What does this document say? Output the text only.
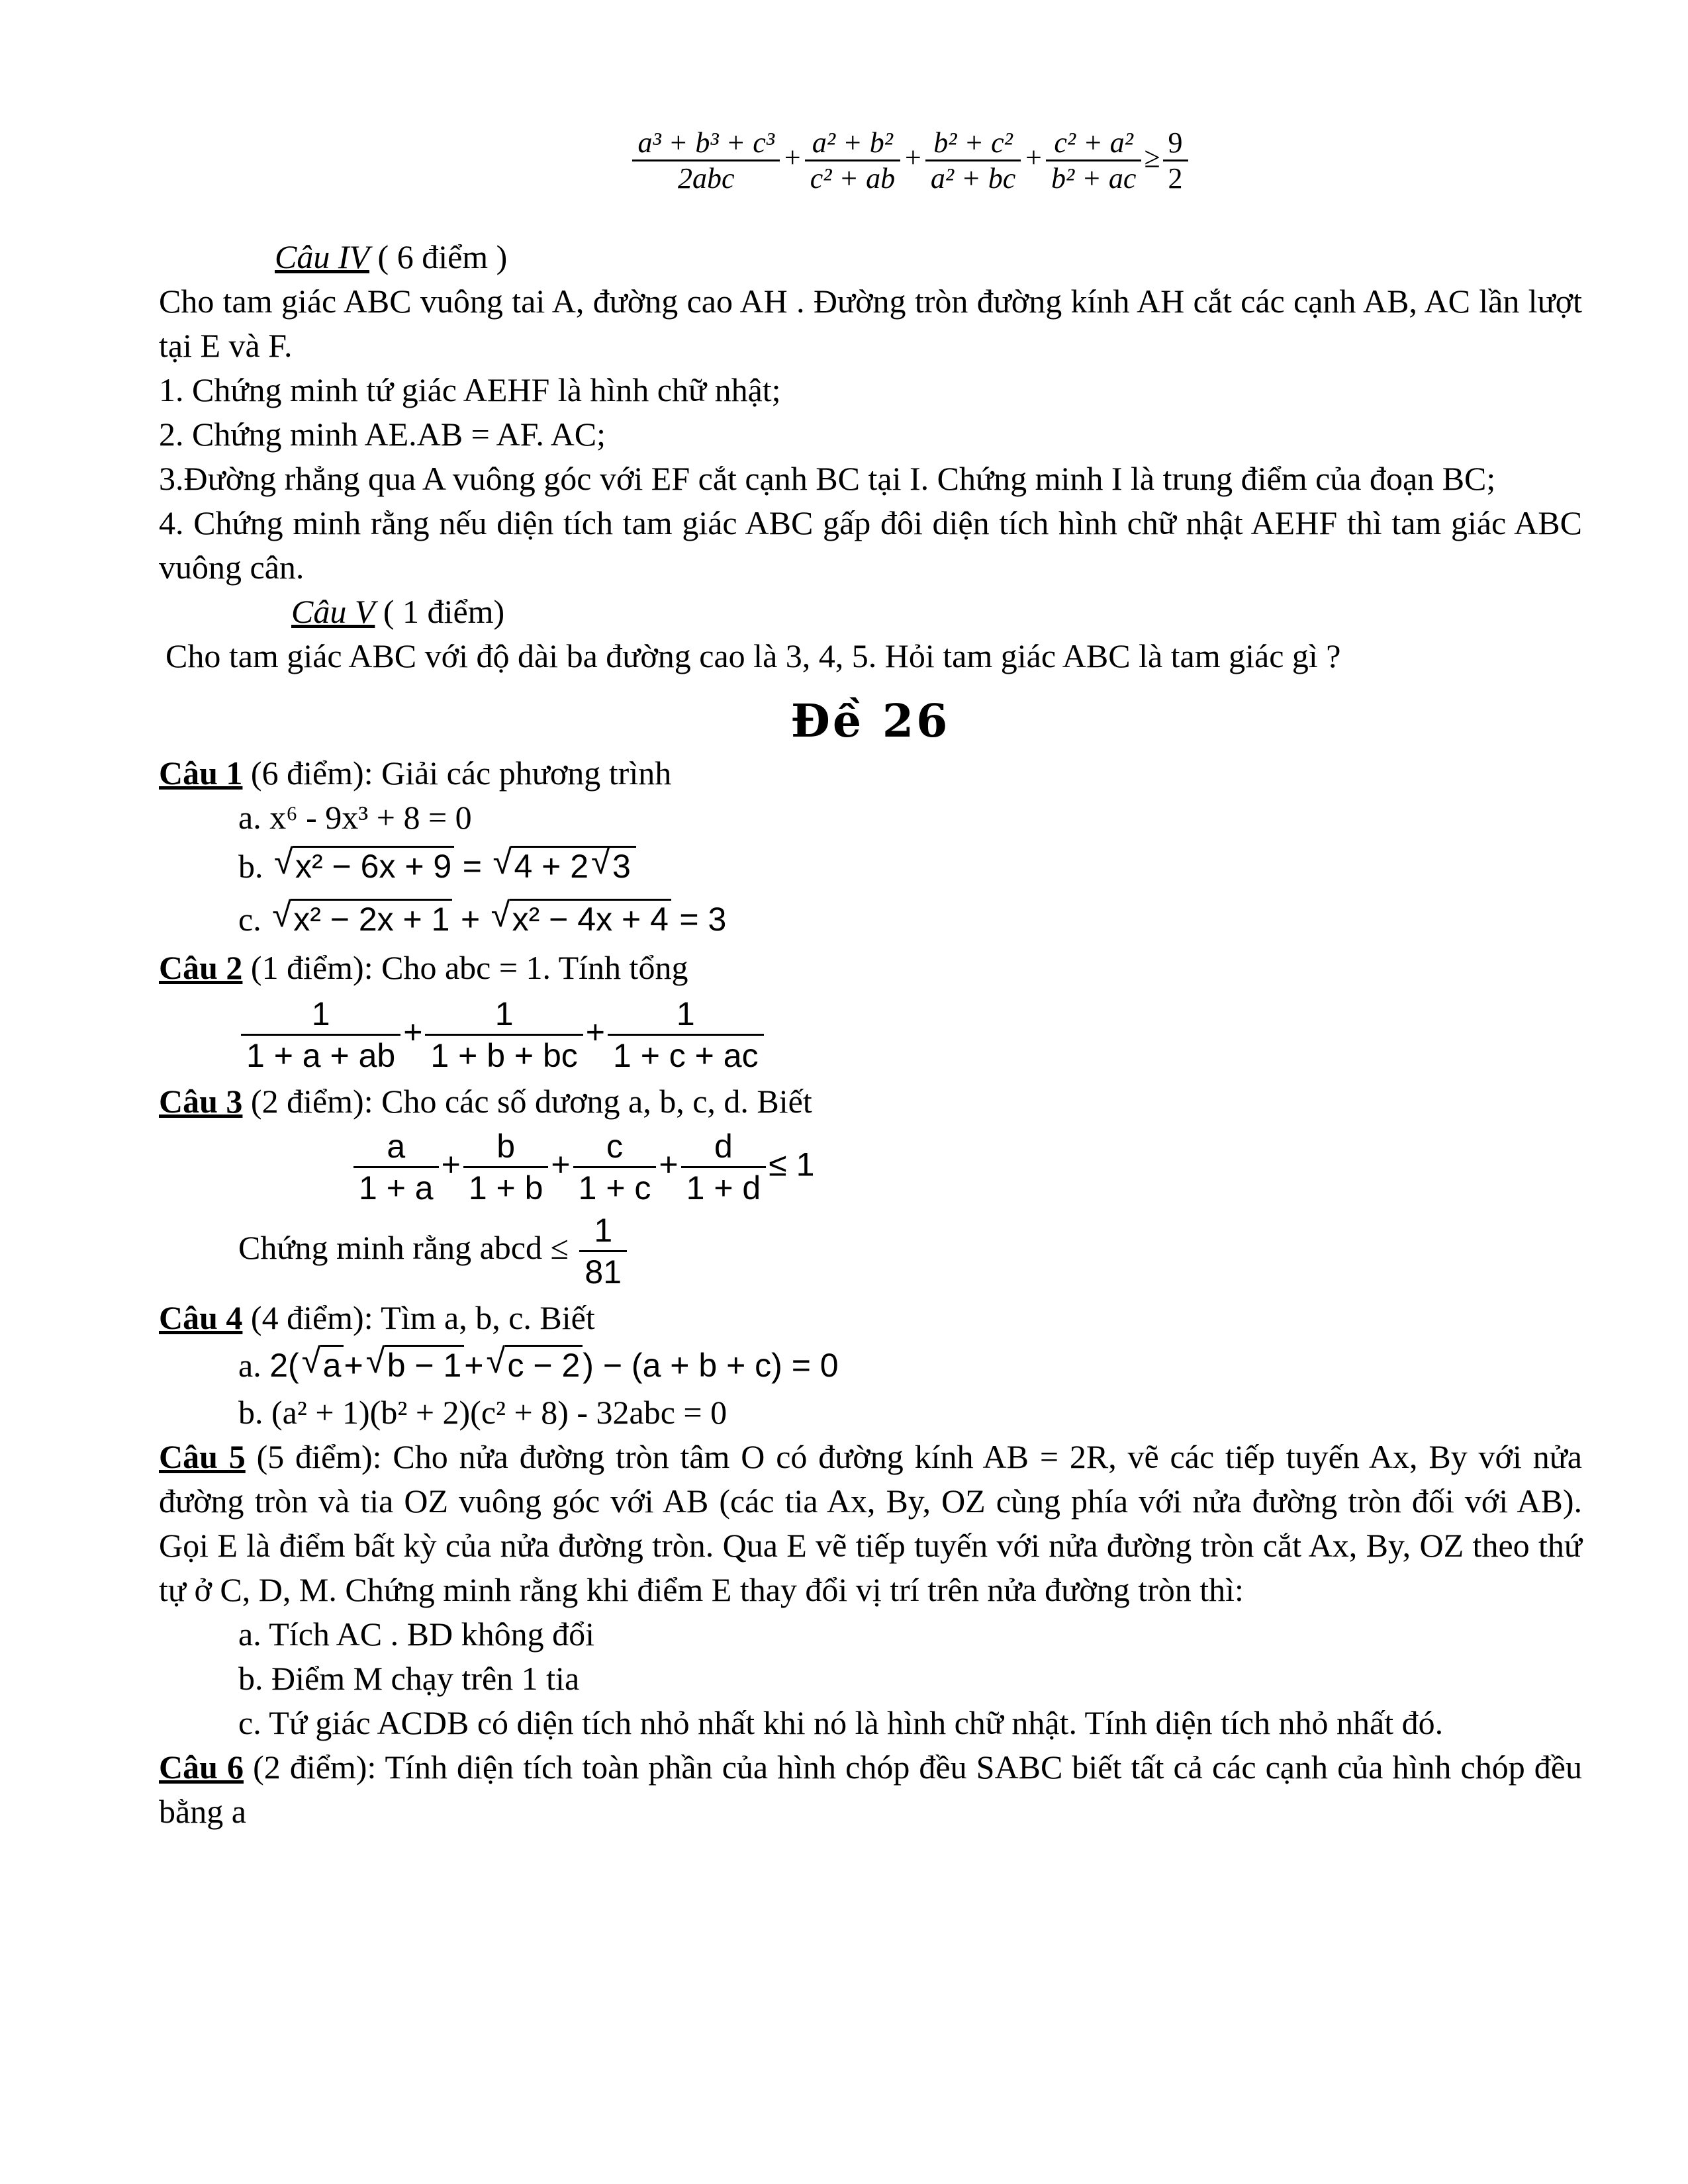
$\frac{\text{a³ + b³ + c³}}{\text{2abc}} + \frac{\text{a² + b²}}{\text{c² + ab}} + \frac{\text{b² + c²}}{\text{a² + bc}} + \frac{\text{c² + a²}}{\text{b² + ac}} \ge \frac{9}{2}$
Câu IV ( 6 điểm )
Cho tam giác ABC vuông tai A, đường cao AH . Đường tròn đường kính AH cắt các cạnh AB, AC lần lượt tại E và F.
1. Chứng minh tứ giác AEHF là hình chữ nhật;
2. Chứng minh AE.AB = AF. AC;
3.Đường rhẳng qua A vuông góc với EF cắt cạnh BC tại I. Chứng minh I là trung điểm của đoạn BC;
4. Chứng minh rằng nếu diện tích tam giác ABC gấp đôi diện tích hình chữ nhật AEHF thì tam giác ABC vuông cân.
Câu V ( 1 điểm)
Cho tam giác ABC với độ dài ba đường cao là 3, 4, 5. Hỏi tam giác ABC là tam giác gì ?
Đề 26
Câu 1 (6 điểm): Giải các phương trình
a. x⁶ - 9x³ + 8 = 0
b. √ x² − 6x + 9 = √ 4 + 2 √ 3
c. √ x² − 2x + 1 + √ x² − 4x + 4 = 3
Câu 2 (1 điểm): Cho abc = 1. Tính tổng
$\frac{1}{1 + a + ab} + \frac{1}{1 + b + bc} + \frac{1}{1 + c + ac}$
Câu 3 (2 điểm): Cho các số dương a, b, c, d. Biết
$\frac{a}{1 + a} + \frac{b}{1 + b} + \frac{c}{1 + c} + \frac{d}{1 + d} \le 1$
Chứng minh rằng abcd ≤ $\frac{1}{81}$
Câu 4 (4 điểm): Tìm a, b, c. Biết
a. 2( √ a+ √ b − 1+ √ c − 2) − (a + b + c) = 0
b. (a² + 1)(b² + 2)(c² + 8) - 32abc = 0
Câu 5 (5 điểm): Cho nửa đường tròn tâm O có đường kính AB = 2R, vẽ các tiếp tuyến Ax, By với nửa đường tròn và tia OZ vuông góc với AB (các tia Ax, By, OZ cùng phía với nửa đường tròn đối với AB). Gọi E là điểm bất kỳ của nửa đường tròn. Qua E vẽ tiếp tuyến với nửa đường tròn cắt Ax, By, OZ theo thứ tự ở C, D, M. Chứng minh rằng khi điểm E thay đổi vị trí trên nửa đường tròn thì:
a. Tích AC . BD không đổi
b. Điểm M chạy trên 1 tia
c. Tứ giác ACDB có diện tích nhỏ nhất khi nó là hình chữ nhật. Tính diện tích nhỏ nhất đó.
Câu 6 (2 điểm): Tính diện tích toàn phần của hình chóp đều SABC biết tất cả các cạnh của hình chóp đều bằng a
